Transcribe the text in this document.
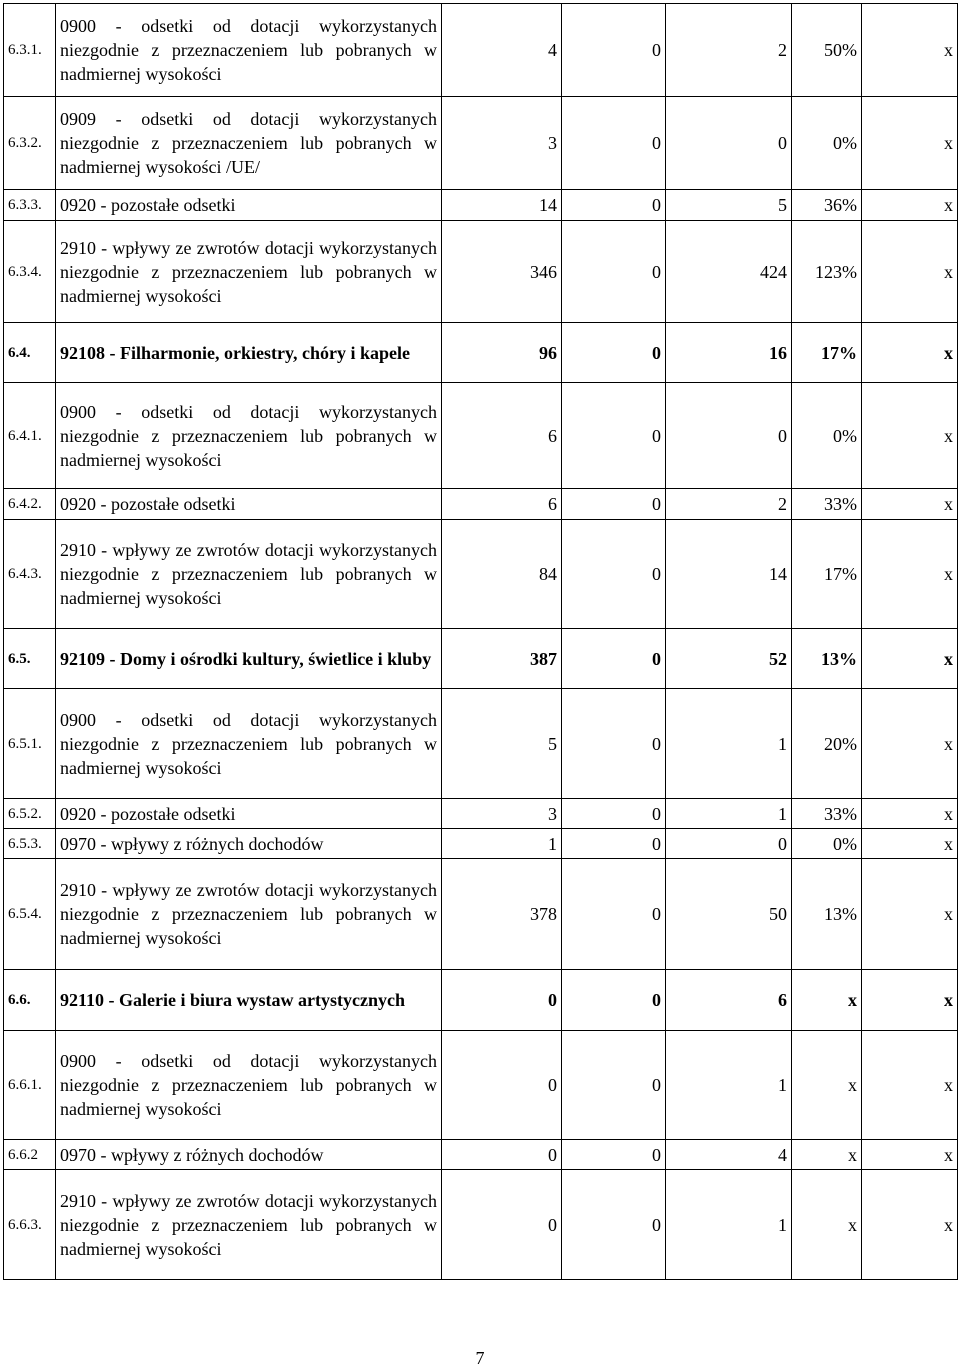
6.3.1.	0900 - odsetki od dotacji wykorzystanych niezgodnie z przeznaczeniem lub pobranych w nadmiernej wysokości	4	0	2	50%	x
6.3.2.	0909 - odsetki od dotacji wykorzystanych niezgodnie z przeznaczeniem lub pobranych w nadmiernej wysokości /UE/	3	0	0	0%	x
6.3.3.	0920 - pozostałe odsetki	14	0	5	36%	x
6.3.4.	2910 - wpływy ze zwrotów dotacji wykorzystanych niezgodnie z przeznaczeniem lub pobranych w nadmiernej wysokości	346	0	424	123%	x
6.4.	92108 - Filharmonie, orkiestry, chóry i kapele	96	0	16	17%	x
6.4.1.	0900 - odsetki od dotacji wykorzystanych niezgodnie z przeznaczeniem lub pobranych w nadmiernej wysokości	6	0	0	0%	x
6.4.2.	0920 - pozostałe odsetki	6	0	2	33%	x
6.4.3.	2910 - wpływy ze zwrotów dotacji wykorzystanych niezgodnie z przeznaczeniem lub pobranych w nadmiernej wysokości	84	0	14	17%	x
6.5.	92109 - Domy i ośrodki kultury, świetlice i kluby	387	0	52	13%	x
6.5.1.	0900 - odsetki od dotacji wykorzystanych niezgodnie z przeznaczeniem lub pobranych w nadmiernej wysokości	5	0	1	20%	x
6.5.2.	0920 - pozostałe odsetki	3	0	1	33%	x
6.5.3.	0970 - wpływy z różnych dochodów	1	0	0	0%	x
6.5.4.	2910 - wpływy ze zwrotów dotacji wykorzystanych niezgodnie z przeznaczeniem lub pobranych w nadmiernej wysokości	378	0	50	13%	x
6.6.	92110 - Galerie i biura wystaw artystycznych	0	0	6	x	x
6.6.1.	0900 - odsetki od dotacji wykorzystanych niezgodnie z przeznaczeniem lub pobranych w nadmiernej wysokości	0	0	1	x	x
6.6.2	0970 - wpływy z różnych dochodów	0	0	4	x	x
6.6.3.	2910 - wpływy ze zwrotów dotacji wykorzystanych niezgodnie z przeznaczeniem lub pobranych w nadmiernej wysokości	0	0	1	x	x
7
